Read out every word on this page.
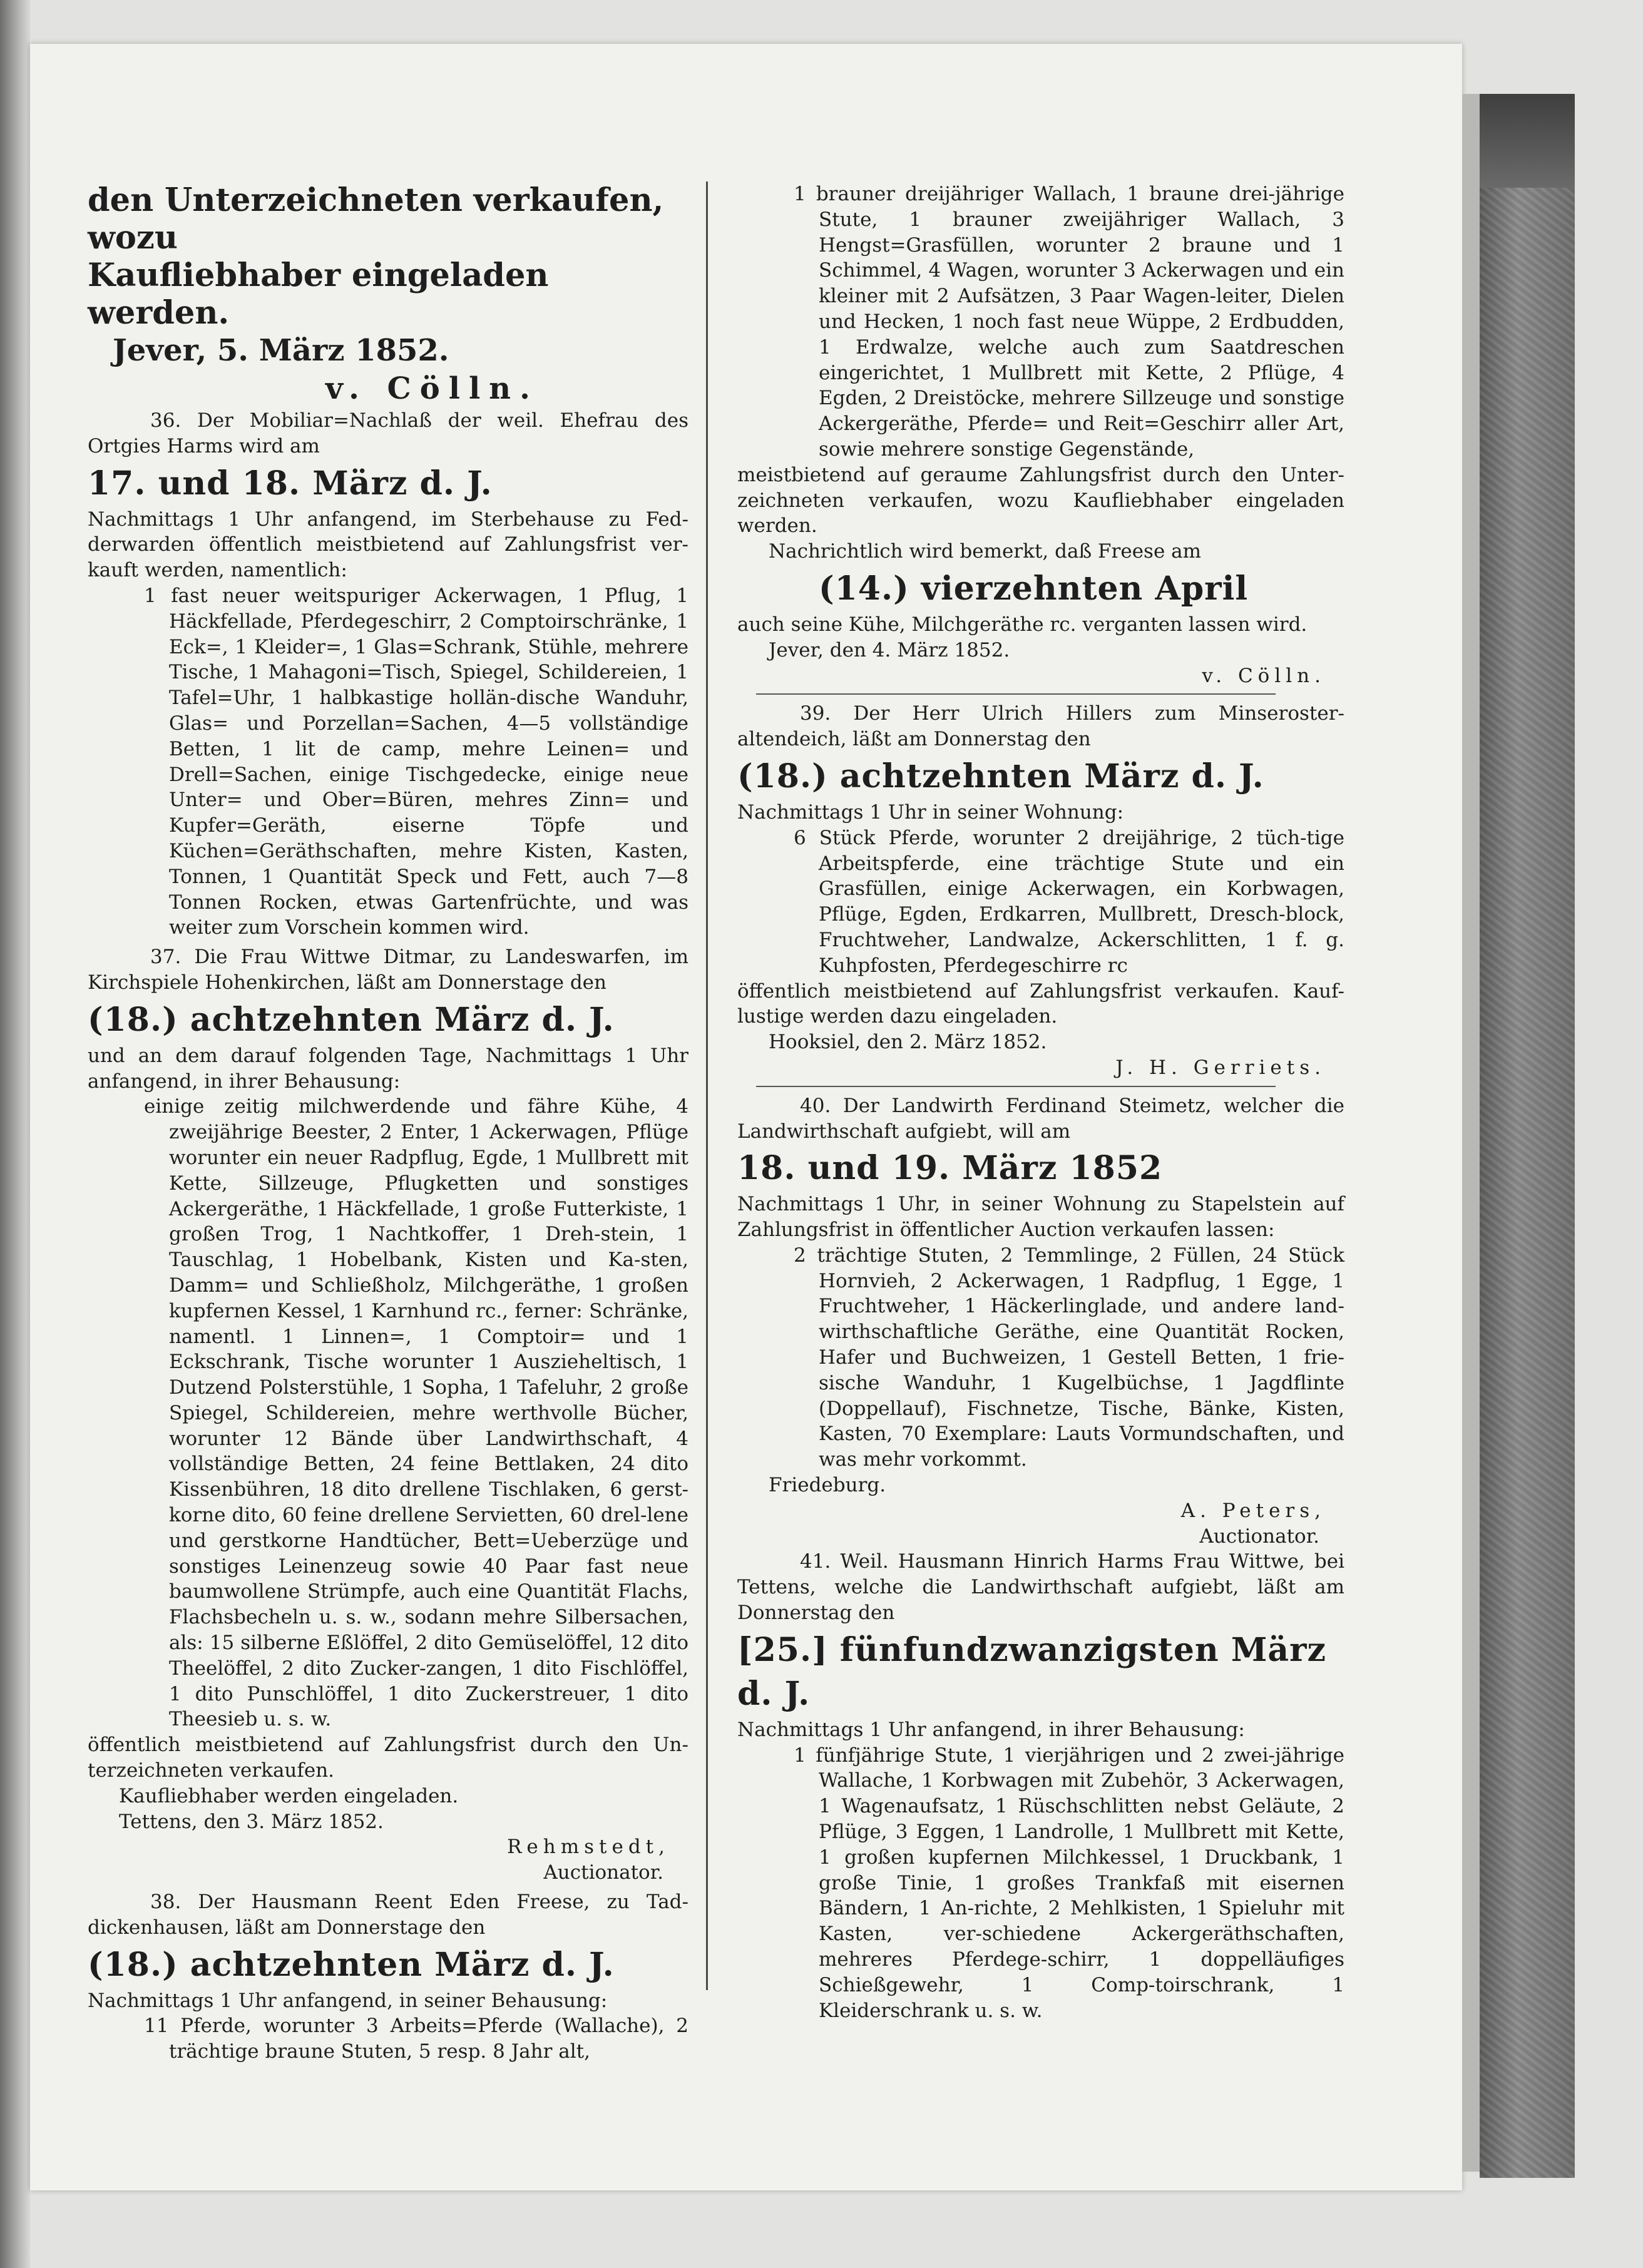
den Unterzeichneten verkaufen, wozu

Kaufliebhaber eingeladen werden.

Jever, 5. März 1852.

v. Cölln.

36. Der Mobiliar=Nachlaß der weil. Ehefrau des Ortgies Harms wird am

17. und 18. März d. J.

Nachmittags 1 Uhr anfangend, im Sterbehause zu Fed-derwarden öffentlich meistbietend auf Zahlungsfrist ver-kauft werden, namentlich:

1 fast neuer weitspuriger Ackerwagen, 1 Pflug, 1 Häckfellade, Pferdegeschirr, 2 Comptoirschränke, 1 Eck=, 1 Kleider=, 1 Glas=Schrank, Stühle, mehrere Tische, 1 Mahagoni=Tisch, Spiegel, Schildereien, 1 Tafel=Uhr, 1 halbkastige hollän-dische Wanduhr, Glas= und Porzellan=Sachen, 4—5 vollständige Betten, 1 lit de camp, mehre Leinen= und Drell=Sachen, einige Tischgedecke, einige neue Unter= und Ober=Büren, mehres Zinn= und Kupfer=Geräth, eiserne Töpfe und Küchen=Geräthschaften, mehre Kisten, Kasten, Tonnen, 1 Quantität Speck und Fett, auch 7—8 Tonnen Rocken, etwas Gartenfrüchte, und was weiter zum Vorschein kommen wird.

37. Die Frau Wittwe Ditmar, zu Landeswarfen, im Kirchspiele Hohenkirchen, läßt am Donnerstage den

(18.) achtzehnten März d. J.

und an dem darauf folgenden Tage, Nachmittags 1 Uhr anfangend, in ihrer Behausung:

einige zeitig milchwerdende und fähre Kühe, 4 zweijährige Beester, 2 Enter, 1 Ackerwagen, Pflüge worunter ein neuer Radpflug, Egde, 1 Mullbrett mit Kette, Sillzeuge, Pflugketten und sonstiges Ackergeräthe, 1 Häckfellade, 1 große Futterkiste, 1 großen Trog, 1 Nachtkoffer, 1 Dreh-stein, 1 Tauschlag, 1 Hobelbank, Kisten und Ka-sten, Damm= und Schließholz, Milchgeräthe, 1 großen kupfernen Kessel, 1 Karnhund rc., ferner: Schränke, namentl. 1 Linnen=, 1 Comptoir= und 1 Eckschrank, Tische worunter 1 Auszieheltisch, 1 Dutzend Polsterstühle, 1 Sopha, 1 Tafeluhr, 2 große Spiegel, Schildereien, mehre werthvolle Bücher, worunter 12 Bände über Landwirthschaft, 4 vollständige Betten, 24 feine Bettlaken, 24 dito Kissenbühren, 18 dito drellene Tischlaken, 6 gerst-korne dito, 60 feine drellene Servietten, 60 drel-lene und gerstkorne Handtücher, Bett=Ueberzüge und sonstiges Leinenzeug sowie 40 Paar fast neue baumwollene Strümpfe, auch eine Quantität Flachs, Flachsbecheln u. s. w., sodann mehre Silbersachen, als: 15 silberne Eßlöffel, 2 dito Gemüselöffel, 12 dito Theelöffel, 2 dito Zucker-zangen, 1 dito Fischlöffel, 1 dito Punschlöffel, 1 dito Zuckerstreuer, 1 dito Theesieb u. s. w.

öffentlich meistbietend auf Zahlungsfrist durch den Un-terzeichneten verkaufen.

Kaufliebhaber werden eingeladen.

Tettens, den 3. März 1852.

Rehmstedt,

Auctionator.

38. Der Hausmann Reent Eden Freese, zu Tad-dickenhausen, läßt am Donnerstage den

(18.) achtzehnten März d. J.

Nachmittags 1 Uhr anfangend, in seiner Behausung:

11 Pferde, worunter 3 Arbeits=Pferde (Wallache), 2 trächtige braune Stuten, 5 resp. 8 Jahr alt,

1 brauner dreijähriger Wallach, 1 braune drei-jährige Stute, 1 brauner zweijähriger Wallach, 3 Hengst=Grasfüllen, worunter 2 braune und 1 Schimmel, 4 Wagen, worunter 3 Ackerwagen und ein kleiner mit 2 Aufsätzen, 3 Paar Wagen-leiter, Dielen und Hecken, 1 noch fast neue Wüppe, 2 Erdbudden, 1 Erdwalze, welche auch zum Saatdreschen eingerichtet, 1 Mullbrett mit Kette, 2 Pflüge, 4 Egden, 2 Dreistöcke, mehrere Sillzeuge und sonstige Ackergeräthe, Pferde= und Reit=Geschirr aller Art, sowie mehrere sonstige Gegenstände,

meistbietend auf geraume Zahlungsfrist durch den Unter-zeichneten verkaufen, wozu Kaufliebhaber eingeladen werden.

Nachrichtlich wird bemerkt, daß Freese am

(14.) vierzehnten April

auch seine Kühe, Milchgeräthe rc. verganten lassen wird.

Jever, den 4. März 1852.

v. Cölln.

39. Der Herr Ulrich Hillers zum Minseroster-altendeich, läßt am Donnerstag den

(18.) achtzehnten März d. J.

Nachmittags 1 Uhr in seiner Wohnung:

6 Stück Pferde, worunter 2 dreijährige, 2 tüch-tige Arbeitspferde, eine trächtige Stute und ein Grasfüllen, einige Ackerwagen, ein Korbwagen, Pflüge, Egden, Erdkarren, Mullbrett, Dresch-block, Fruchtweher, Landwalze, Ackerschlitten, 1 f. g. Kuhpfosten, Pferdegeschirre rc

öffentlich meistbietend auf Zahlungsfrist verkaufen. Kauf-lustige werden dazu eingeladen.

Hooksiel, den 2. März 1852.

J. H. Gerriets.

40. Der Landwirth Ferdinand Steimetz, welcher die Landwirthschaft aufgiebt, will am

18. und 19. März 1852

Nachmittags 1 Uhr, in seiner Wohnung zu Stapelstein auf Zahlungsfrist in öffentlicher Auction verkaufen lassen:

2 trächtige Stuten, 2 Temmlinge, 2 Füllen, 24 Stück Hornvieh, 2 Ackerwagen, 1 Radpflug, 1 Egge, 1 Fruchtweher, 1 Häckerlinglade, und andere land-wirthschaftliche Geräthe, eine Quantität Rocken, Hafer und Buchweizen, 1 Gestell Betten, 1 frie-sische Wanduhr, 1 Kugelbüchse, 1 Jagdflinte (Doppellauf), Fischnetze, Tische, Bänke, Kisten, Kasten, 70 Exemplare: Lauts Vormundschaften, und was mehr vorkommt.

Friedeburg.

A. Peters,

Auctionator.

41. Weil. Hausmann Hinrich Harms Frau Wittwe, bei Tettens, welche die Landwirthschaft aufgiebt, läßt am Donnerstag den

[25.] fünfundzwanzigsten März d. J.

Nachmittags 1 Uhr anfangend, in ihrer Behausung:

1 fünfjährige Stute, 1 vierjährigen und 2 zwei-jährige Wallache, 1 Korbwagen mit Zubehör, 3 Ackerwagen, 1 Wagenaufsatz, 1 Rüschschlitten nebst Geläute, 2 Pflüge, 3 Eggen, 1 Landrolle, 1 Mullbrett mit Kette, 1 großen kupfernen Milchkessel, 1 Druckbank, 1 große Tinie, 1 großes Trankfaß mit eisernen Bändern, 1 An-richte, 2 Mehlkisten, 1 Spieluhr mit Kasten, ver-schiedene Ackergeräthschaften, mehreres Pferdege-schirr, 1 doppelläufiges Schießgewehr, 1 Comp-toirschrank, 1 Kleiderschrank u. s. w.
